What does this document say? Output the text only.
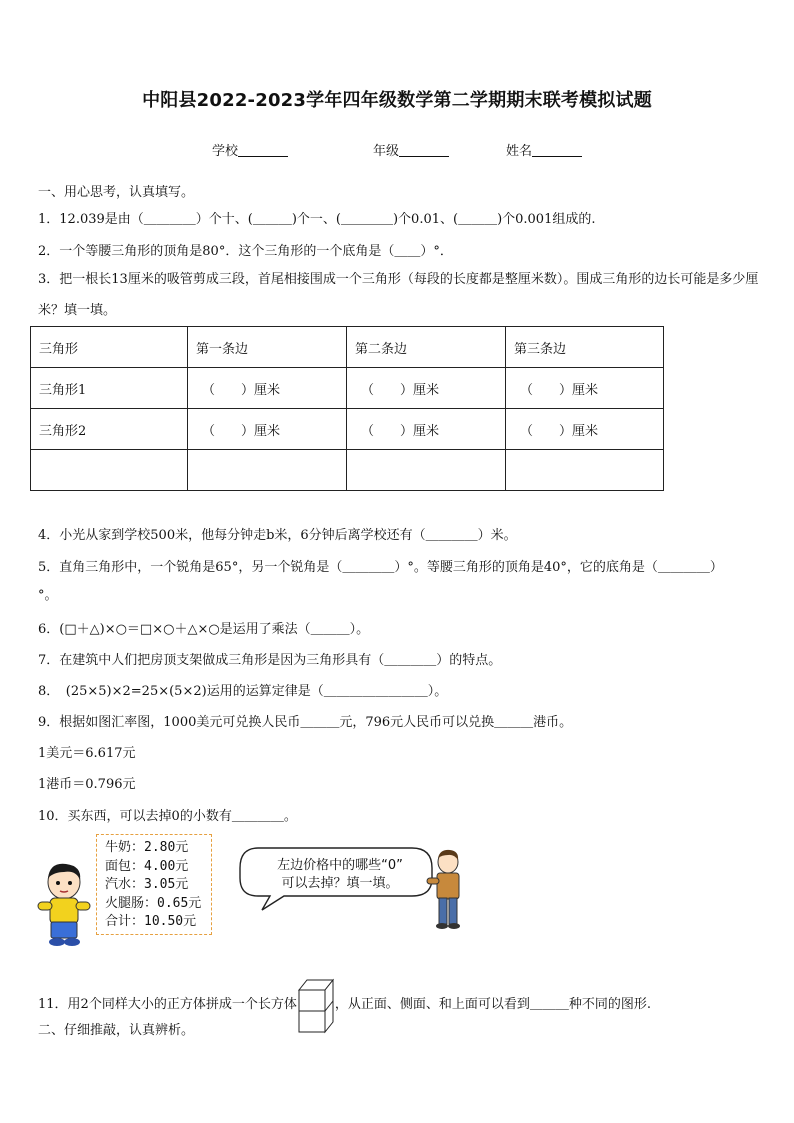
中阳县2022-2023学年四年级数学第二学期期末联考模拟试题
学校	年级	姓名
一、用心思考，认真填写。
1．12.039是由（＿＿＿＿）个十、(＿＿＿)个一、(＿＿＿＿)个0.01、(＿＿＿)个0.001组成的.
2．一个等腰三角形的顶角是80°．这个三角形的一个底角是（＿＿）°．
3．把一根长13厘米的吸管剪成三段，首尾相接围成一个三角形（每段的长度都是整厘米数）。围成三角形的边长可能是多少厘米？填一填。
三角形	第一条边	第二条边	第三条边
三角形1	（　　）厘米	（　　）厘米	（　　）厘米
三角形2	（　　）厘米	（　　）厘米	（　　）厘米

4．小光从家到学校500米，他每分钟走b米，6分钟后离学校还有（＿＿＿＿）米。
5．直角三角形中，一个锐角是65°，另一个锐角是（＿＿＿＿）°。等腰三角形的顶角是40°，它的底角是（＿＿＿＿）
°。
6．(□＋△)×○＝□×○＋△×○是运用了乘法（＿＿＿）。
7．在建筑中人们把房顶支架做成三角形是因为三角形具有（＿＿＿＿）的特点。
8．　(25×5)×2=25×(5×2)运用的运算定律是（＿＿＿＿＿＿＿＿）。
9．根据如图汇率图，1000美元可兑换人民币＿＿＿元，796元人民币可以兑换＿＿＿港币。
1美元＝6.617元
1港币＝0.796元
10．买东西，可以去掉0的小数有＿＿＿＿。
牛奶：2.80元
面包：4.00元
汽水：3.05元
火腿肠：0.65元
合计：10.50元
左边价格中的哪些“0”
可以去掉？填一填。
11．用2个同样大小的正方体拼成一个长方体	，从正面、侧面、和上面可以看到＿＿＿种不同的图形.
二、仔细推敲，认真辨析。
